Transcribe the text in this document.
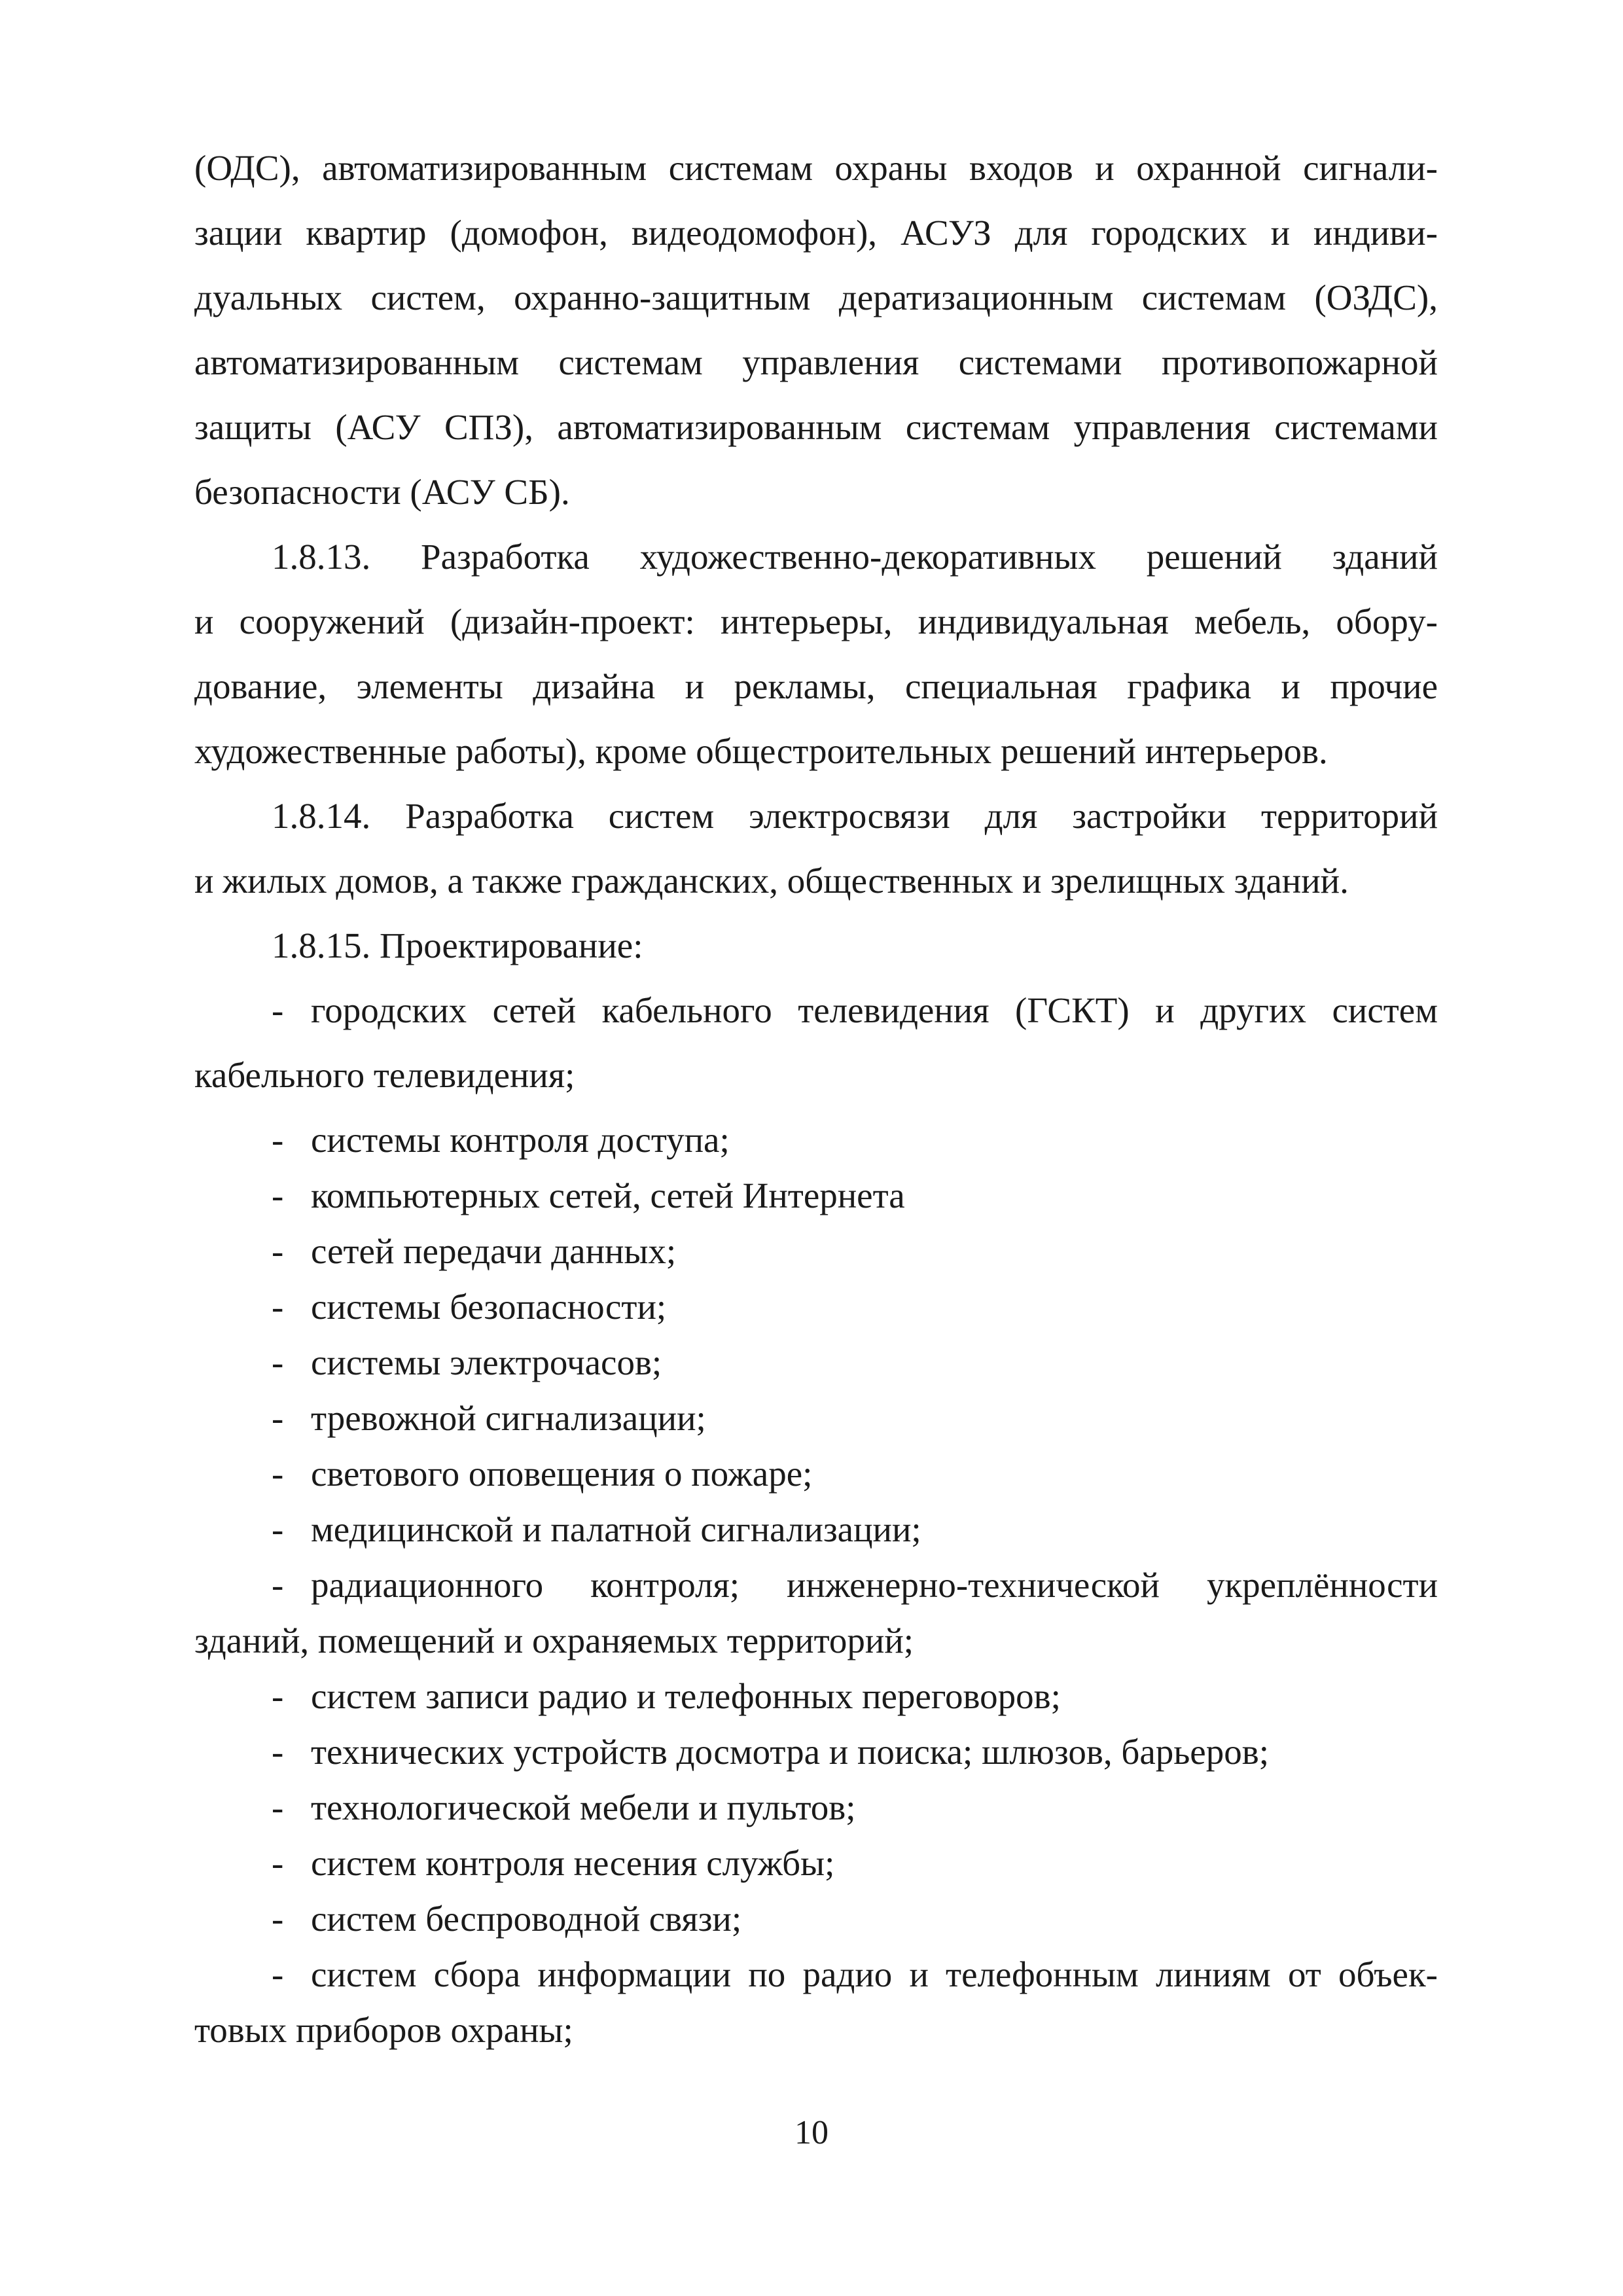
(ОДС), автоматизированным системам охраны входов и охранной сигнали-
зации квартир (домофон, видеодомофон), АСУЗ для городских и индиви-
дуальных систем, охранно-защитным дератизационным системам (ОЗДС),
автоматизированным системам управления системами противопожарной
защиты (АСУ СПЗ), автоматизированным системам управления системами
безопасности (АСУ СБ).
1.8.13. Разработка художественно-декоративных решений зданий
и сооружений (дизайн-проект: интерьеры, индивидуальная мебель, обору-
дование, элементы дизайна и рекламы, специальная графика и прочие
художественные работы), кроме общестроительных решений интерьеров.
1.8.14. Разработка систем электросвязи для застройки территорий
и жилых домов, а также гражданских, общественных и зрелищных зданий.
1.8.15. Проектирование:
- городских сетей кабельного телевидения (ГСКТ) и других систем
кабельного телевидения;
- системы контроля доступа;
- компьютерных сетей, сетей Интернета
- сетей передачи данных;
- системы безопасности;
- системы электрочасов;
- тревожной сигнализации;
- светового оповещения о пожаре;
- медицинской и палатной сигнализации;
- радиационного контроля; инженерно-технической укреплённости
зданий, помещений и охраняемых территорий;
- систем записи радио и телефонных переговоров;
- технических устройств досмотра и поиска; шлюзов, барьеров;
- технологической мебели и пультов;
- систем контроля несения службы;
- систем беспроводной связи;
- систем сбора информации по радио и телефонным линиям от объек-
товых приборов охраны;
10
